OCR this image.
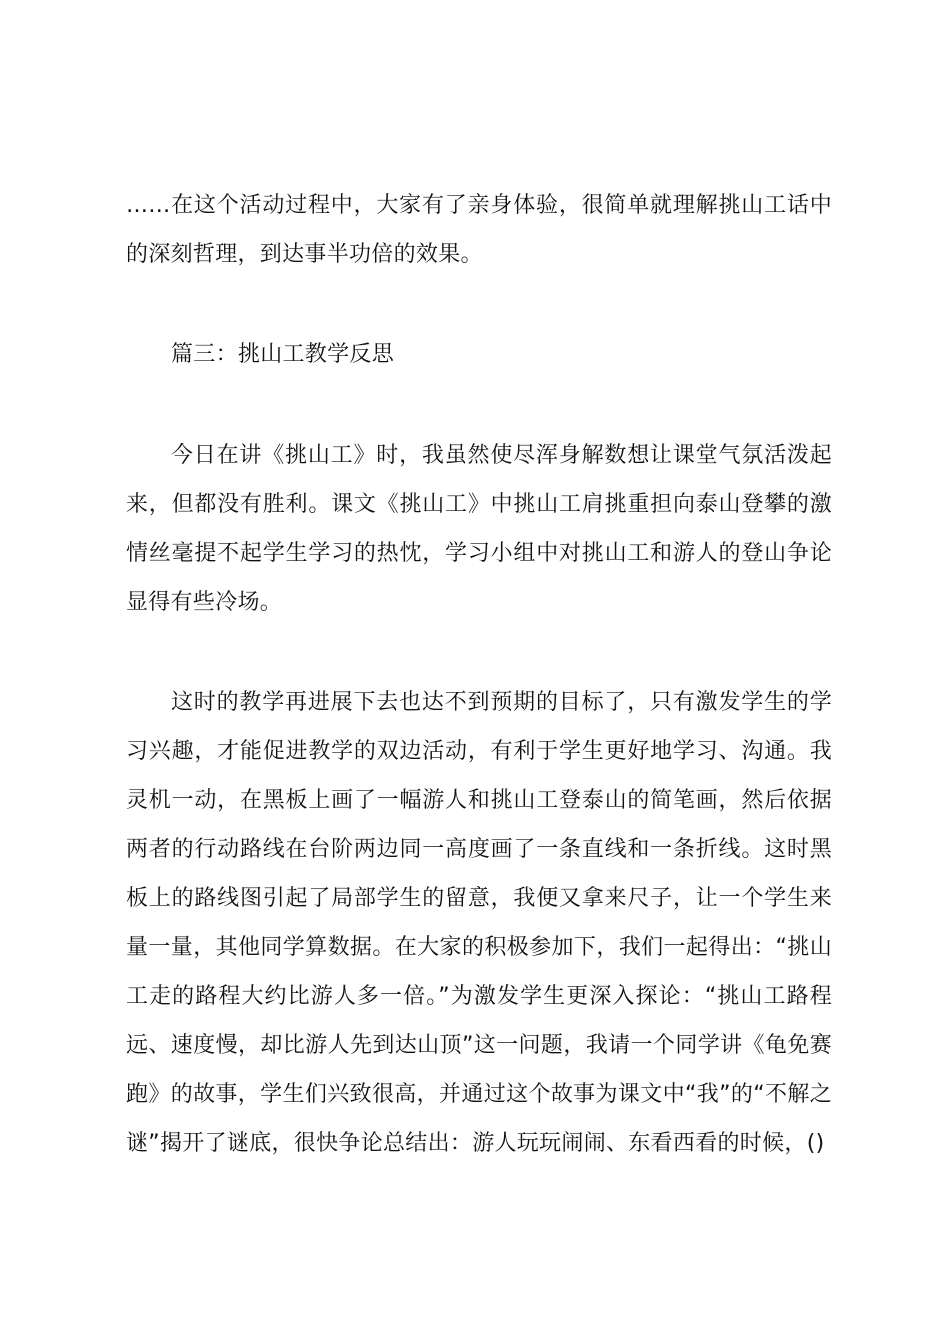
……在这个活动过程中，大家有了亲身体验，很简单就理解挑山工话中的深刻哲理，到达事半功倍的效果。

篇三：挑山工教学反思

今日在讲《挑山工》时，我虽然使尽浑身解数想让课堂气氛活泼起来，但都没有胜利。课文《挑山工》中挑山工肩挑重担向泰山登攀的激情丝毫提不起学生学习的热忱，学习小组中对挑山工和游人的登山争论显得有些冷场。

这时的教学再进展下去也达不到预期的目标了，只有激发学生的学习兴趣，才能促进教学的双边活动，有利于学生更好地学习、沟通。我灵机一动，在黑板上画了一幅游人和挑山工登泰山的简笔画，然后依据两者的行动路线在台阶两边同一高度画了一条直线和一条折线。这时黑板上的路线图引起了局部学生的留意，我便又拿来尺子，让一个学生来量一量，其他同学算数据。在大家的积极参加下，我们一起得出：“挑山工走的路程大约比游人多一倍。”为激发学生更深入探论：“挑山工路程远、速度慢，却比游人先到达山顶”这一问题，我请一个同学讲《龟免赛跑》的故事，学生们兴致很高，并通过这个故事为课文中“我”的“不解之谜”揭开了谜底，很快争论总结出：游人玩玩闹闹、东看西看的时候，()
